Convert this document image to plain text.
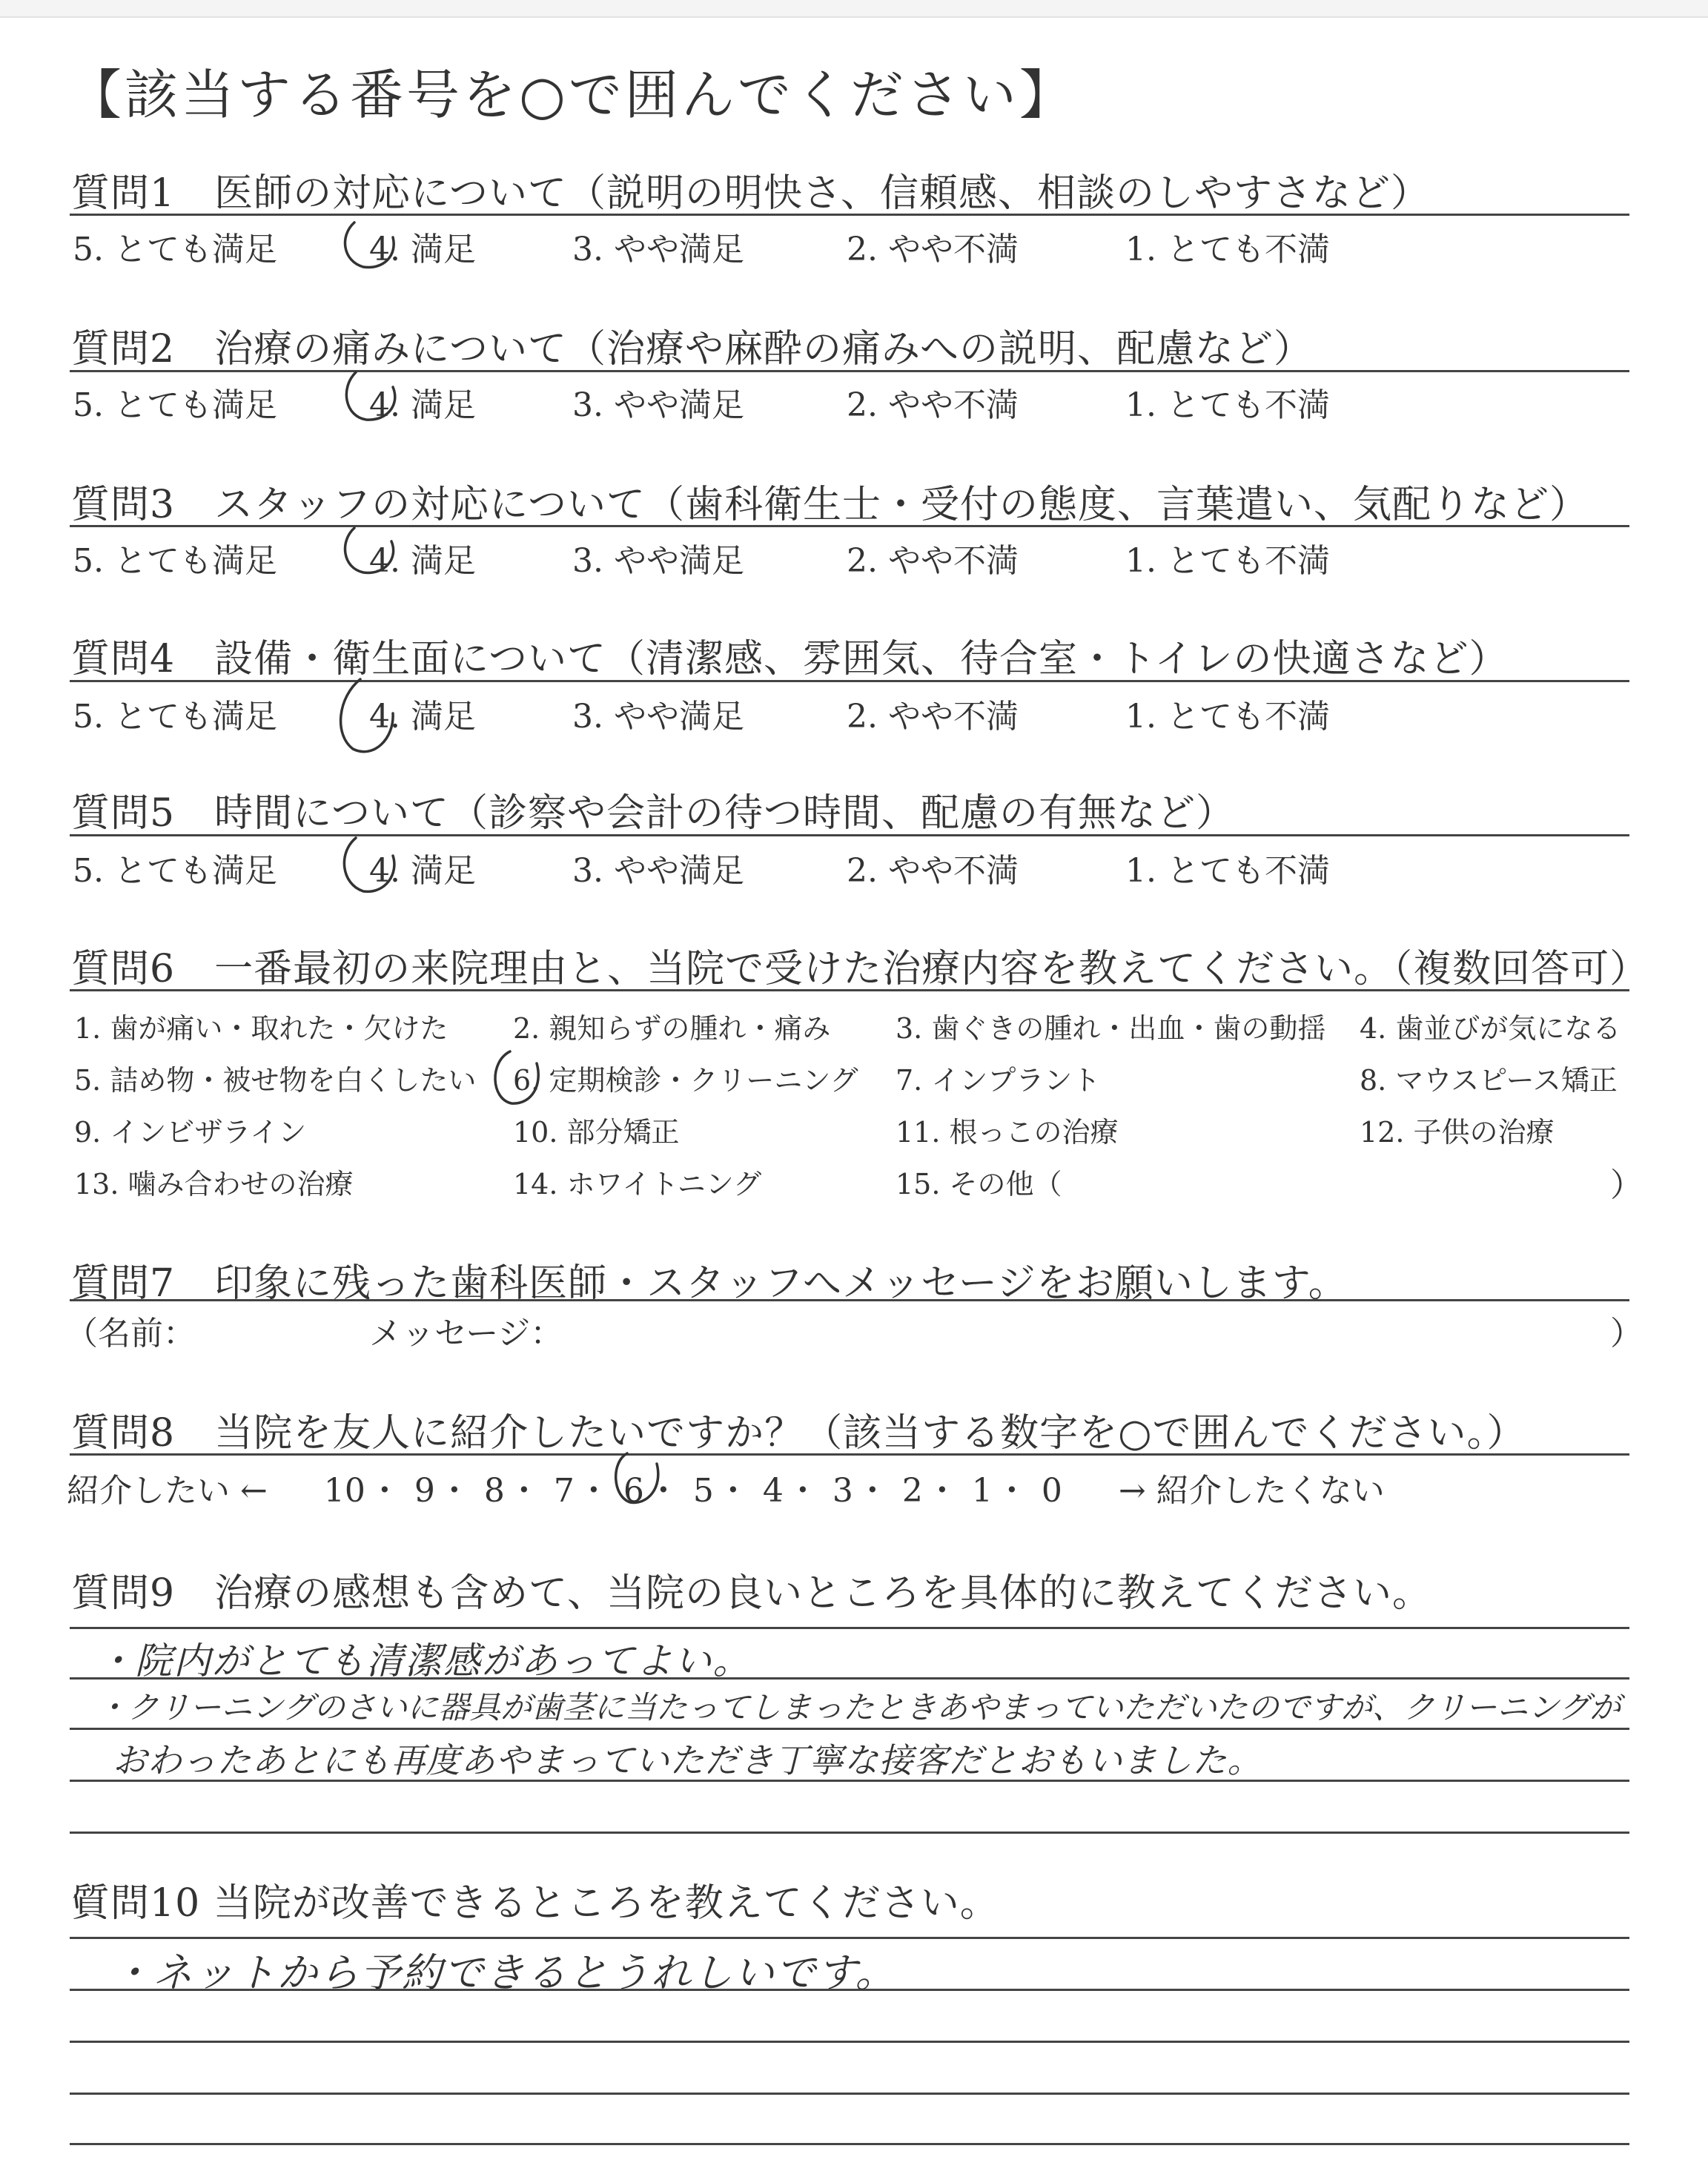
【該当する番号を○で囲んでください】
質問1　医師の対応について（説明の明快さ、信頼感、相談のしやすさなど）
5. とても満足	4. 満足	3. やや満足	2. やや不満	1. とても不満
質問2　治療の痛みについて（治療や麻酔の痛みへの説明、配慮など）
5. とても満足	4. 満足	3. やや満足	2. やや不満	1. とても不満
質問3　スタッフの対応について（歯科衛生士・受付の態度、言葉遣い、気配りなど）
5. とても満足	4. 満足	3. やや満足	2. やや不満	1. とても不満
質問4　設備・衛生面について（清潔感、雰囲気、待合室・トイレの快適さなど）
5. とても満足	4. 満足	3. やや満足	2. やや不満	1. とても不満
質問5　時間について（診察や会計の待つ時間、配慮の有無など）
5. とても満足	4. 満足	3. やや満足	2. やや不満	1. とても不満
質問6　一番最初の来院理由と、当院で受けた治療内容を教えてください。（複数回答可）
1. 歯が痛い・取れた・欠けた 2. 親知らずの腫れ・痛み 3. 歯ぐきの腫れ・出血・歯の動揺 4. 歯並びが気になる
5. 詰め物・被せ物を白くしたい 6. 定期検診・クリーニング 7. インプラント	8. マウスピース矯正
9. インビザライン	10. 部分矯正	11. 根っこの治療	12. 子供の治療
13. 噛み合わせの治療	14. ホワイトニング	15. その他（	）
質問7　印象に残った歯科医師・スタッフへメッセージをお願いします。
（名前：	メッセージ：	）
質問8　当院を友人に紹介したいですか？（該当する数字を○で囲んでください。）
紹介したい ← 10・ 9・ 8・ 7・ 6・ 5・ 4・ 3・ 2・ 1・ 0 → 紹介したくない
質問9　治療の感想も含めて、当院の良いところを具体的に教えてください。
・院内がとても清潔感があってよい。
・クリーニングのさいに器具が歯茎に当たってしまったときあやまっていただいたのですが、クリーニングが
おわったあとにも再度あやまっていただき丁寧な接客だとおもいました。
質問10 当院が改善できるところを教えてください。
・ネットから予約できるとうれしいです。
